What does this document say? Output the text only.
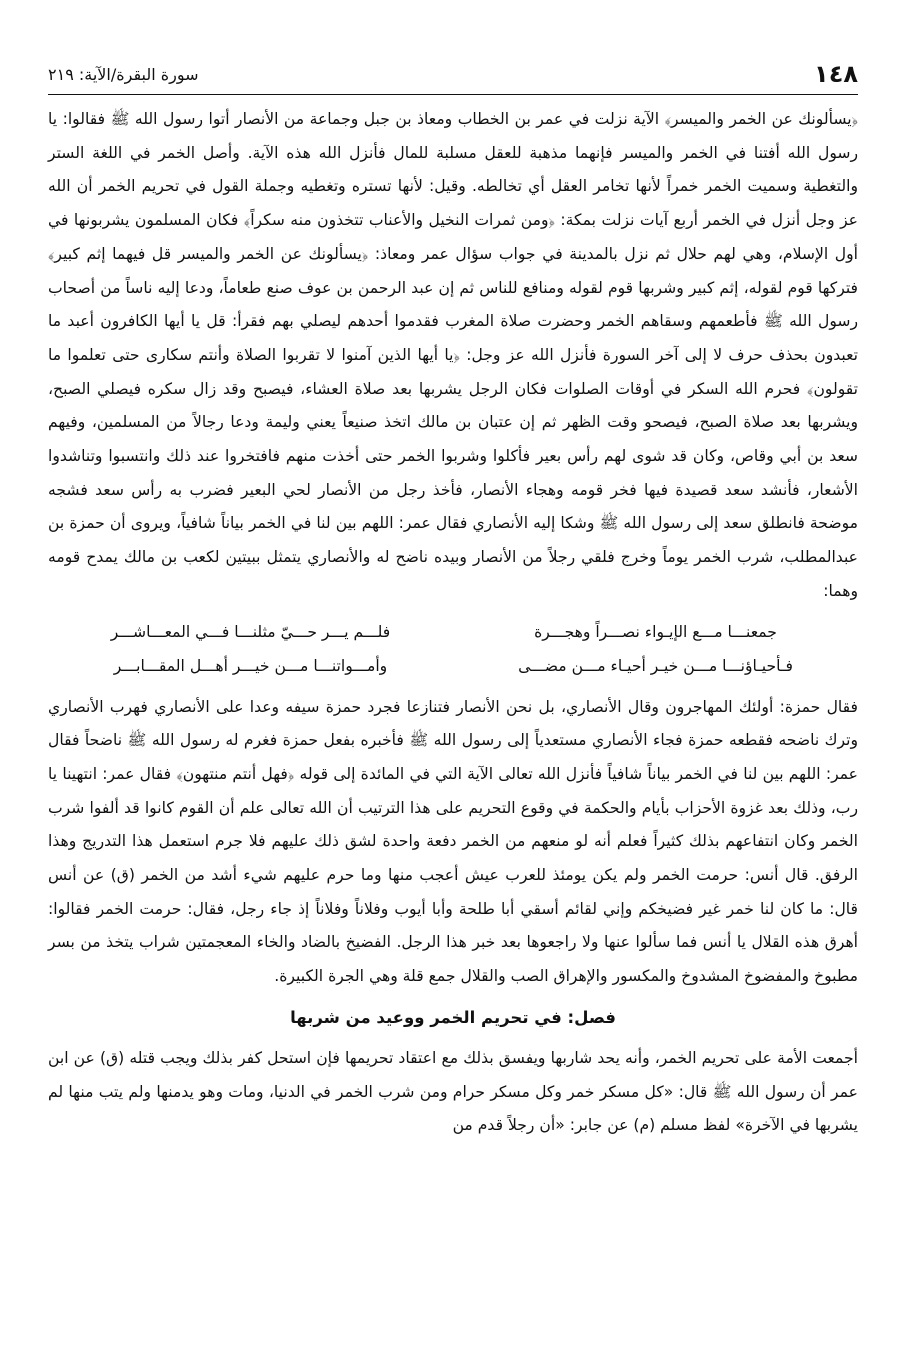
١٤٨
سورة البقرة/الآية: ٢١٩

﴿يسألونك عن الخمر والميسر﴾ الآية نزلت في عمر بن الخطاب ومعاذ بن جبل وجماعة من الأنصار أتوا رسول الله ﷺ فقالوا: يا رسول الله أفتنا في الخمر والميسر فإنهما مذهبة للعقل مسلبة للمال فأنزل الله هذه الآية. وأصل الخمر في اللغة الستر والتغطية وسميت الخمر خمراً لأنها تخامر العقل أي تخالطه. وقيل: لأنها تستره وتغطيه وجملة القول في تحريم الخمر أن الله عز وجل أنزل في الخمر أربع آيات نزلت بمكة: ﴿ومن ثمرات النخيل والأعناب تتخذون منه سكراً﴾ فكان المسلمون يشربونها في أول الإسلام، وهي لهم حلال ثم نزل بالمدينة في جواب سؤال عمر ومعاذ: ﴿يسألونك عن الخمر والميسر قل فيهما إثم كبير﴾ فتركها قوم لقوله، إثم كبير وشربها قوم لقوله ومنافع للناس ثم إن عبد الرحمن بن عوف صنع طعاماً، ودعا إليه ناساً من أصحاب رسول الله ﷺ فأطعمهم وسقاهم الخمر وحضرت صلاة المغرب فقدموا أحدهم ليصلي بهم فقرأ: قل يا أيها الكافرون أعبد ما تعبدون بحذف حرف لا إلى آخر السورة فأنزل الله عز وجل: ﴿يا أيها الذين آمنوا لا تقربوا الصلاة وأنتم سكارى حتى تعلموا ما تقولون﴾ فحرم الله السكر في أوقات الصلوات فكان الرجل يشربها بعد صلاة العشاء، فيصبح وقد زال سكره فيصلي الصبح، ويشربها بعد صلاة الصبح، فيصحو وقت الظهر ثم إن عتبان بن مالك اتخذ صنيعاً يعني وليمة ودعا رجالاً من المسلمين، وفيهم سعد بن أبي وقاص، وكان قد شوى لهم رأس بعير فأكلوا وشربوا الخمر حتى أخذت منهم فافتخروا عند ذلك وانتسبوا وتناشدوا الأشعار، فأنشد سعد قصيدة فيها فخر قومه وهجاء الأنصار، فأخذ رجل من الأنصار لحي البعير فضرب به رأس سعد فشجه موضحة فانطلق سعد إلى رسول الله ﷺ وشكا إليه الأنصاري فقال عمر: اللهم بين لنا في الخمر بياناً شافياً، ويروى أن حمزة بن عبدالمطلب، شرب الخمر يوماً وخرج فلقي رجلاً من الأنصار وبيده ناضح له والأنصاري يتمثل ببيتين لكعب بن مالك يمدح قومه وهما:

جمعنـــا مـــع الإيـواء نصـــراً وهجـــرة
فلـــم يـــر حـــيّ مثلنـــا فـــي المعـــاشـــر
فـأحيـاؤنـــا مـــن خيـر أحيـاء مـــن مضـــى
وأمـــواتنـــا مـــن خيـــر أهـــل المقـــابـــر

فقال حمزة: أولئك المهاجرون وقال الأنصاري، بل نحن الأنصار فتنازعا فجرد حمزة سيفه وعدا على الأنصاري فهرب الأنصاري وترك ناضحه فقطعه حمزة فجاء الأنصاري مستعدياً إلى رسول الله ﷺ فأخبره بفعل حمزة فغرم له رسول الله ﷺ ناضحاً فقال عمر: اللهم بين لنا في الخمر بياناً شافياً فأنزل الله تعالى الآية التي في المائدة إلى قوله ﴿فهل أنتم منتهون﴾ فقال عمر: انتهينا يا رب، وذلك بعد غزوة الأحزاب بأيام والحكمة في وقوع التحريم على هذا الترتيب أن الله تعالى علم أن القوم كانوا قد ألفوا شرب الخمر وكان انتفاعهم بذلك كثيراً فعلم أنه لو منعهم من الخمر دفعة واحدة لشق ذلك عليهم فلا جرم استعمل هذا التدريج وهذا الرفق. قال أنس: حرمت الخمر ولم يكن يومئذ للعرب عيش أعجب منها وما حرم عليهم شيء أشد من الخمر (ق) عن أنس قال: ما كان لنا خمر غير فضيخكم وإني لقائم أسقي أبا طلحة وأبا أيوب وفلاناً وفلاناً إذ جاء رجل، فقال: حرمت الخمر فقالوا: أهرق هذه القلال يا أنس فما سألوا عنها ولا راجعوها بعد خبر هذا الرجل. الفضيخ بالضاد والخاء المعجمتين شراب يتخذ من بسر مطبوخ والمفضوخ المشدوخ والمكسور والإهراق الصب والقلال جمع قلة وهي الجرة الكبيرة.

فصل: في تحريم الخمر ووعيد من شربها

أجمعت الأمة على تحريم الخمر، وأنه يحد شاربها ويفسق بذلك مع اعتقاد تحريمها فإن استحل كفر بذلك ويجب قتله (ق) عن ابن عمر أن رسول الله ﷺ قال: «كل مسكر خمر وكل مسكر حرام ومن شرب الخمر في الدنيا، ومات وهو يدمنها ولم يتب منها لم يشربها في الآخرة» لفظ مسلم (م) عن جابر: «أن رجلاً قدم من
